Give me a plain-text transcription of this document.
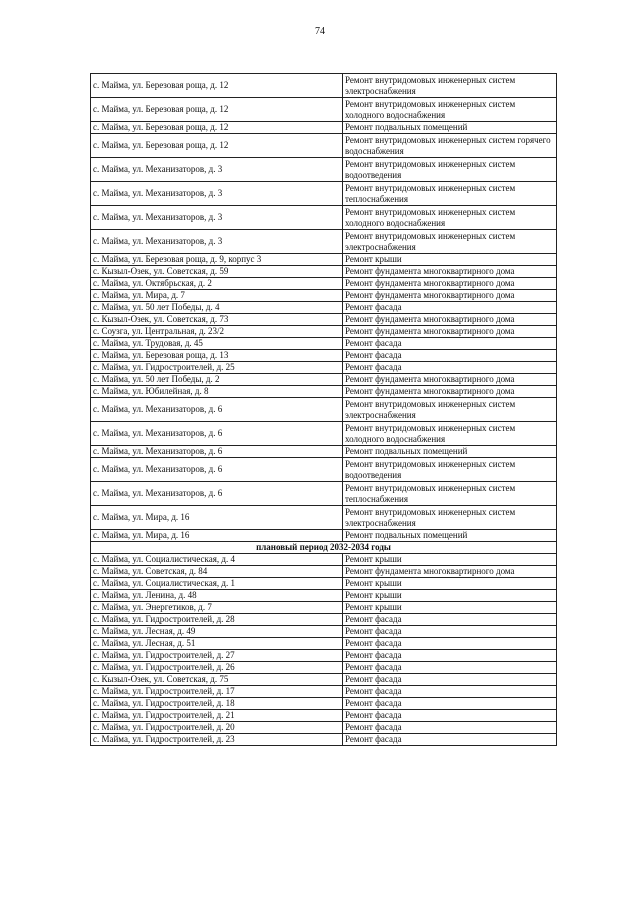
74
с. Майма, ул. Березовая роща, д. 12	Ремонт внутридомовых инженерных систем электроснабжения
с. Майма, ул. Березовая роща, д. 12	Ремонт внутридомовых инженерных систем холодного водоснабжения
с. Майма, ул. Березовая роща, д. 12	Ремонт подвальных помещений
с. Майма, ул. Березовая роща, д. 12	Ремонт внутридомовых инженерных систем горячего водоснабжения
с. Майма, ул. Механизаторов, д. 3	Ремонт внутридомовых инженерных систем водоотведения
с. Майма, ул. Механизаторов, д. 3	Ремонт внутридомовых инженерных систем теплоснабжения
с. Майма, ул. Механизаторов, д. 3	Ремонт внутридомовых инженерных систем холодного водоснабжения
с. Майма, ул. Механизаторов, д. 3	Ремонт внутридомовых инженерных систем электроснабжения
с. Майма, ул. Березовая роща, д. 9, корпус 3	Ремонт крыши
с. Кызыл-Озек, ул. Советская, д. 59	Ремонт фундамента многоквартирного дома
с. Майма, ул. Октябрьская, д. 2	Ремонт фундамента многоквартирного дома
с. Майма, ул. Мира, д. 7	Ремонт фундамента многоквартирного дома
с. Майма, ул. 50 лет Победы, д. 4	Ремонт фасада
с. Кызыл-Озек, ул. Советская, д. 73	Ремонт фундамента многоквартирного дома
с. Соузга, ул. Центральная, д. 23/2	Ремонт фундамента многоквартирного дома
с. Майма, ул. Трудовая, д. 45	Ремонт фасада
с. Майма, ул. Березовая роща, д. 13	Ремонт фасада
с. Майма, ул. Гидростроителей, д. 25	Ремонт фасада
с. Майма, ул. 50 лет Победы, д. 2	Ремонт фундамента многоквартирного дома
с. Майма, ул. Юбилейная, д. 8	Ремонт фундамента многоквартирного дома
с. Майма, ул. Механизаторов, д. 6	Ремонт внутридомовых инженерных систем электроснабжения
с. Майма, ул. Механизаторов, д. 6	Ремонт внутридомовых инженерных систем холодного водоснабжения
с. Майма, ул. Механизаторов, д. 6	Ремонт подвальных помещений
с. Майма, ул. Механизаторов, д. 6	Ремонт внутридомовых инженерных систем водоотведения
с. Майма, ул. Механизаторов, д. 6	Ремонт внутридомовых инженерных систем теплоснабжения
с. Майма, ул. Мира, д. 16	Ремонт внутридомовых инженерных систем электроснабжения
с. Майма, ул. Мира, д. 16	Ремонт подвальных помещений
плановый период 2032-2034 годы	
с. Майма, ул. Социалистическая, д. 4	Ремонт крыши
с. Майма, ул. Советская, д. 84	Ремонт фундамента многоквартирного дома
с. Майма, ул. Социалистическая, д. 1	Ремонт крыши
с. Майма, ул. Ленина, д. 48	Ремонт крыши
с. Майма, ул. Энергетиков, д. 7	Ремонт крыши
с. Майма, ул. Гидростроителей, д. 28	Ремонт фасада
с. Майма, ул. Лесная, д. 49	Ремонт фасада
с. Майма, ул. Лесная, д. 51	Ремонт фасада
с. Майма, ул. Гидростроителей, д. 27	Ремонт фасада
с. Майма, ул. Гидростроителей, д. 26	Ремонт фасада
с. Кызыл-Озек, ул. Советская, д. 75	Ремонт фасада
с. Майма, ул. Гидростроителей, д. 17	Ремонт фасада
с. Майма, ул. Гидростроителей, д. 18	Ремонт фасада
с. Майма, ул. Гидростроителей, д. 21	Ремонт фасада
с. Майма, ул. Гидростроителей, д. 20	Ремонт фасада
с. Майма, ул. Гидростроителей, д. 23	Ремонт фасада
